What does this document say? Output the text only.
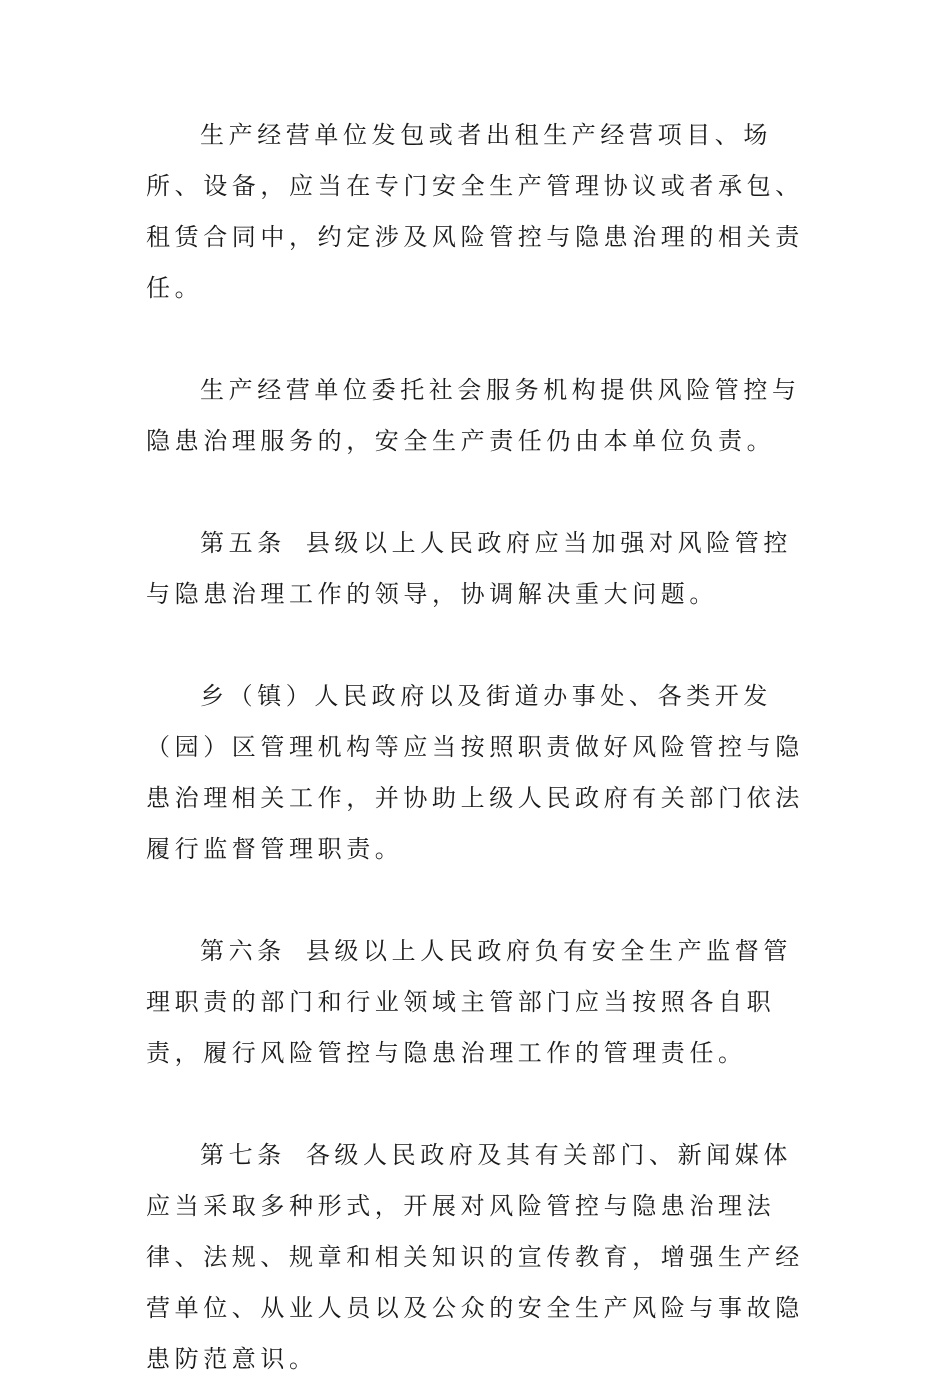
生产经营单位发包或者出租生产经营项目、场所、设备，应当在专门安全生产管理协议或者承包、租赁合同中，约定涉及风险管控与隐患治理的相关责任。

生产经营单位委托社会服务机构提供风险管控与隐患治理服务的，安全生产责任仍由本单位负责。

第五条 县级以上人民政府应当加强对风险管控与隐患治理工作的领导，协调解决重大问题。

乡（镇）人民政府以及街道办事处、各类开发（园）区管理机构等应当按照职责做好风险管控与隐患治理相关工作，并协助上级人民政府有关部门依法履行监督管理职责。

第六条 县级以上人民政府负有安全生产监督管理职责的部门和行业领域主管部门应当按照各自职责，履行风险管控与隐患治理工作的管理责任。

第七条 各级人民政府及其有关部门、新闻媒体应当采取多种形式，开展对风险管控与隐患治理法律、法规、规章和相关知识的宣传教育，增强生产经营单位、从业人员以及公众的安全生产风险与事故隐患防范意识。
